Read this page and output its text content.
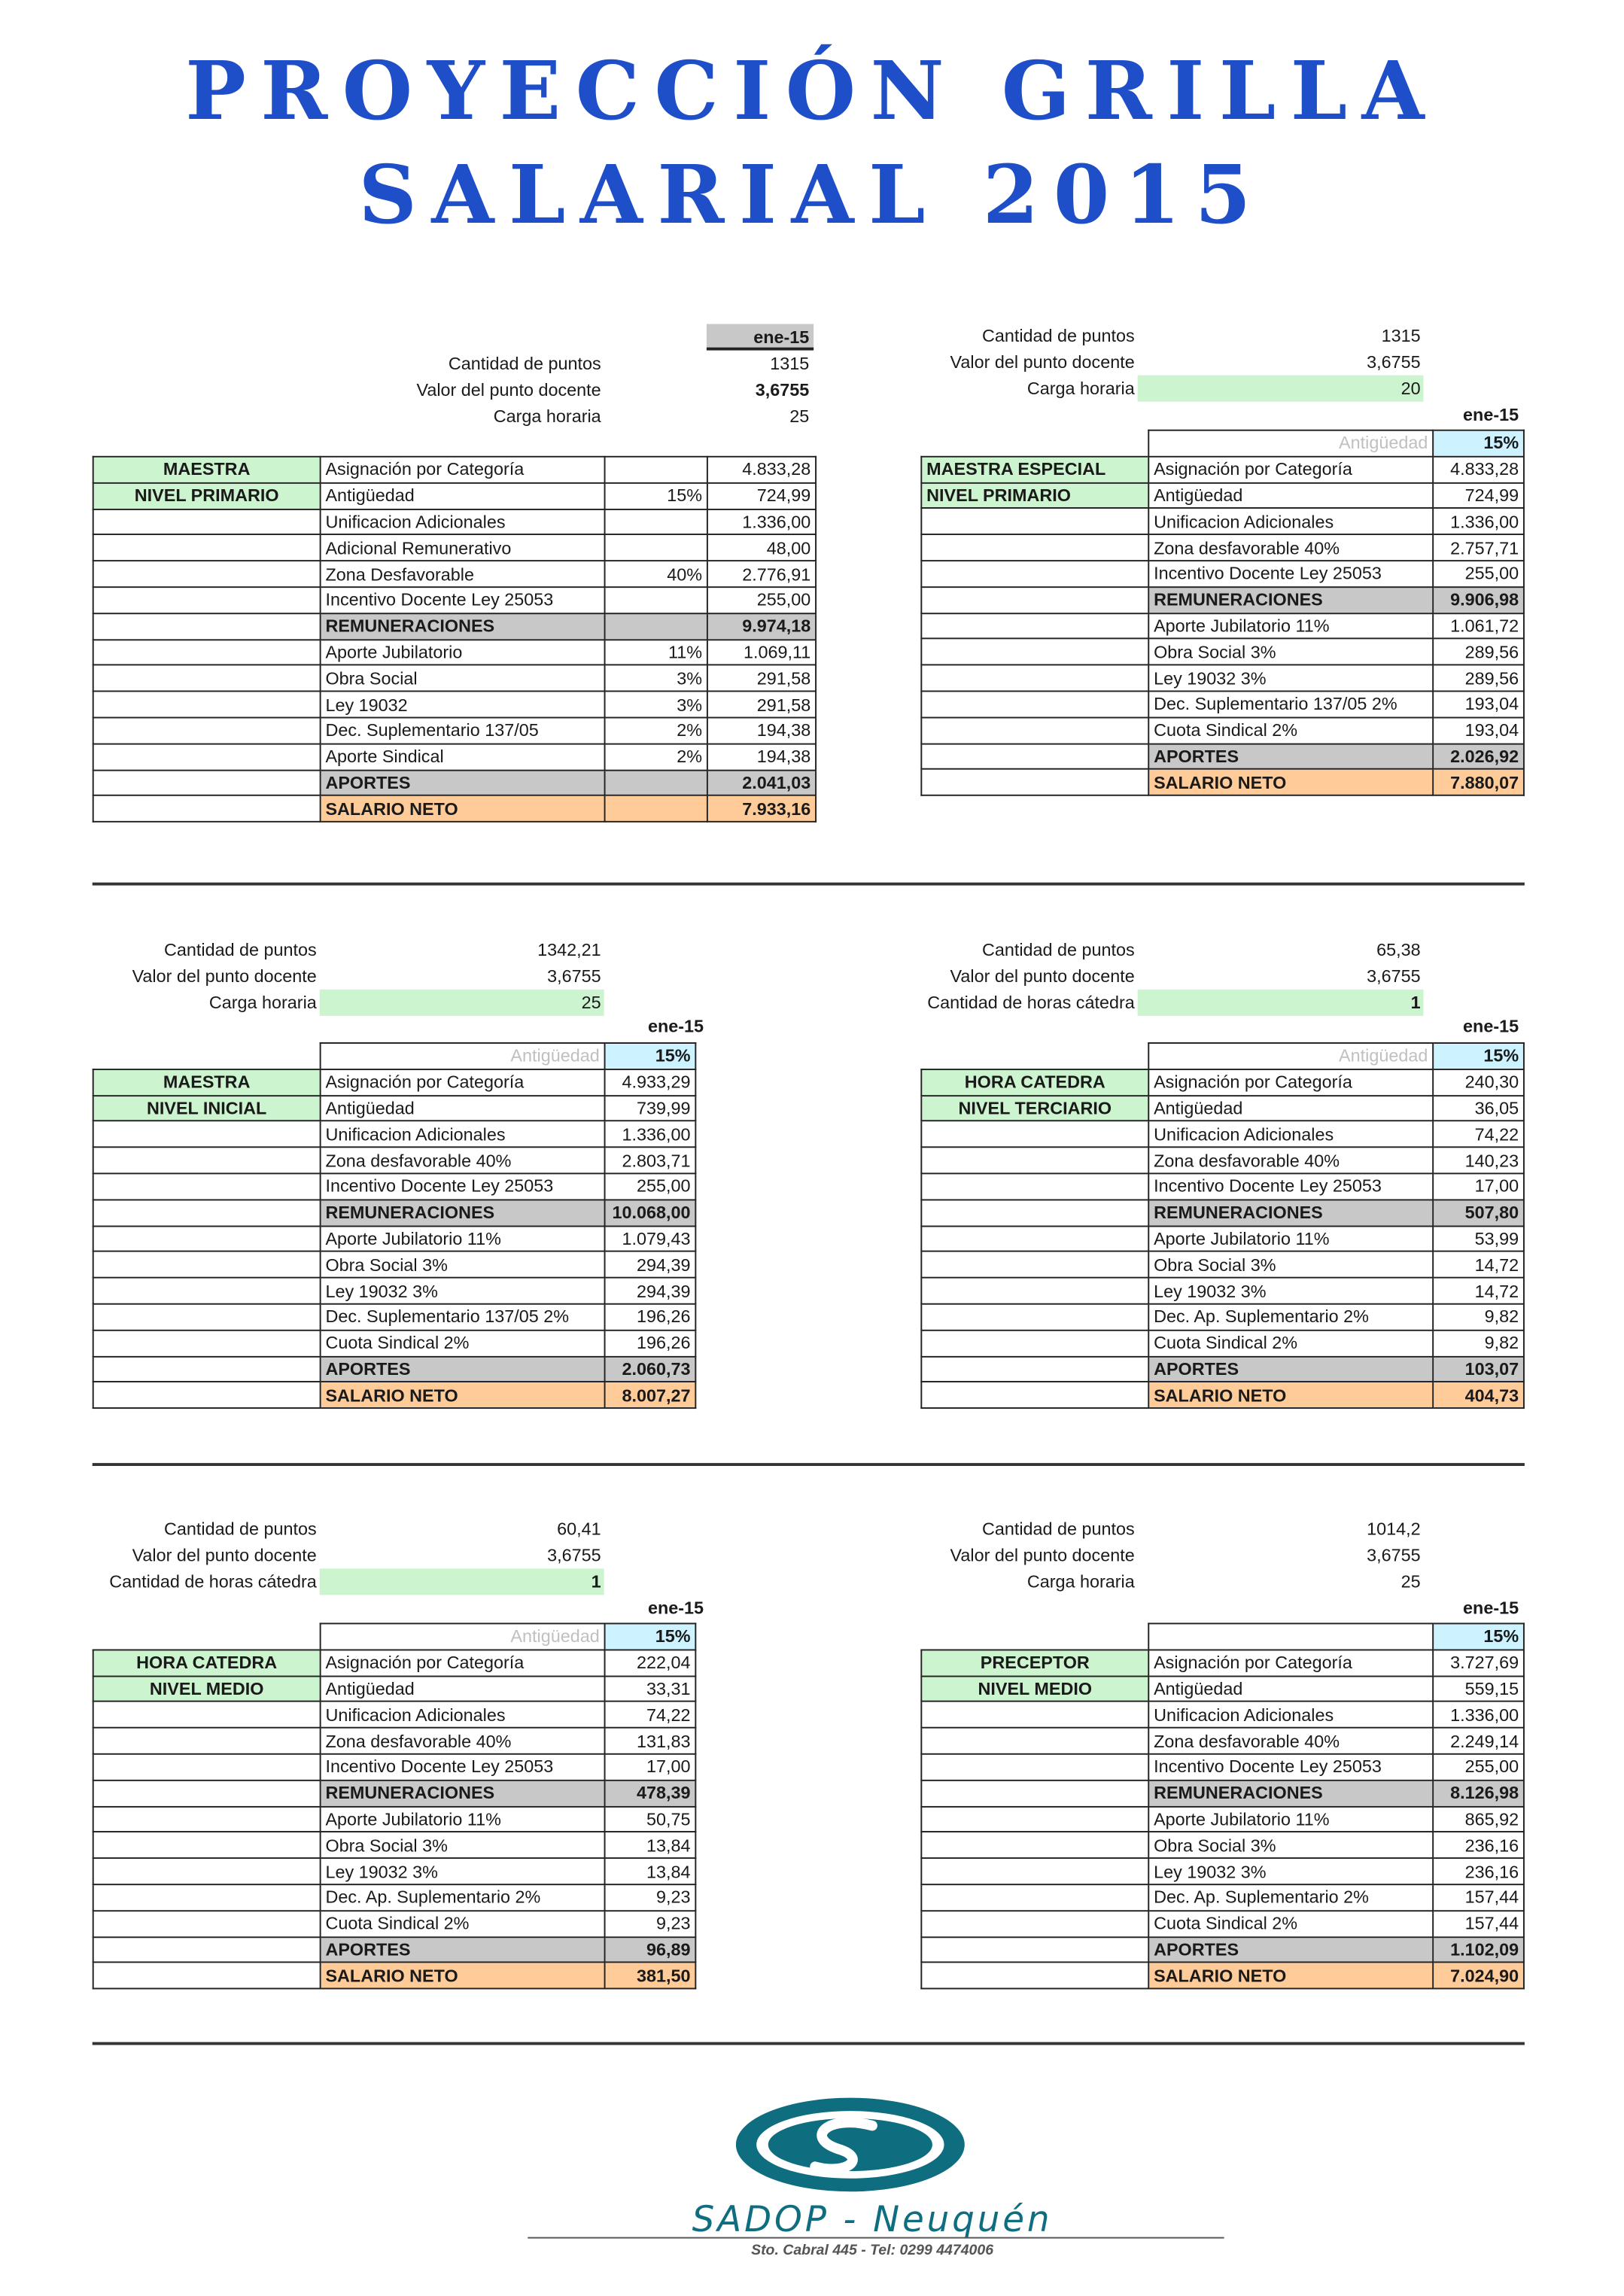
PROYECCIÓN GRILLA
SALARIAL 2015
ene-15
Cantidad de puntos	1315
Valor del punto docente	3,6755
Carga horaria	25
MAESTRA	Asignación por Categoría		4.833,28
NIVEL PRIMARIO	Antigüedad	15%	724,99
	Unificacion Adicionales		1.336,00
	Adicional Remunerativo		48,00
	Zona Desfavorable	40%	2.776,91
	Incentivo Docente Ley 25053		255,00
	REMUNERACIONES		9.974,18
	Aporte Jubilatorio	11%	1.069,11
	Obra Social	3%	291,58
	Ley 19032	3%	291,58
	Dec. Suplementario 137/05	2%	194,38
	Aporte Sindical	2%	194,38
	APORTES		2.041,03
	SALARIO NETO		7.933,16
Cantidad de puntos	1315
Valor del punto docente	3,6755
Carga horaria	20
ene-15
Cantidad de puntos	1342,21
Valor del punto docente	3,6755
Carga horaria	25
ene-15
Cantidad de puntos	65,38
Valor del punto docente	3,6755
Cantidad de horas cátedra	1
ene-15
Cantidad de puntos	60,41
Valor del punto docente	3,6755
Cantidad de horas cátedra	1
ene-15
Cantidad de puntos	1014,2
Valor del punto docente	3,6755
Carga horaria	25
ene-15
	Antigüedad	15%
MAESTRA ESPECIAL	Asignación por Categoría	4.833,28
NIVEL PRIMARIO	Antigüedad	724,99
	Unificacion Adicionales	1.336,00
	Zona desfavorable 40%	2.757,71
	Incentivo Docente Ley 25053	255,00
	REMUNERACIONES	9.906,98
	Aporte Jubilatorio 11%	1.061,72
	Obra Social 3%	289,56
	Ley 19032 3%	289,56
	Dec. Suplementario 137/05 2%	193,04
	Cuota Sindical 2%	193,04
	APORTES	2.026,92
	SALARIO NETO	7.880,07
	Antigüedad	15%
MAESTRA	Asignación por Categoría	4.933,29
NIVEL INICIAL	Antigüedad	739,99
	Unificacion Adicionales	1.336,00
	Zona desfavorable 40%	2.803,71
	Incentivo Docente Ley 25053	255,00
	REMUNERACIONES	10.068,00
	Aporte Jubilatorio 11%	1.079,43
	Obra Social 3%	294,39
	Ley 19032 3%	294,39
	Dec. Suplementario 137/05 2%	196,26
	Cuota Sindical 2%	196,26
	APORTES	2.060,73
	SALARIO NETO	8.007,27
	Antigüedad	15%
HORA CATEDRA	Asignación por Categoría	240,30
NIVEL TERCIARIO	Antigüedad	36,05
	Unificacion Adicionales	74,22
	Zona desfavorable 40%	140,23
	Incentivo Docente Ley 25053	17,00
	REMUNERACIONES	507,80
	Aporte Jubilatorio 11%	53,99
	Obra Social 3%	14,72
	Ley 19032 3%	14,72
	Dec. Ap. Suplementario 2%	9,82
	Cuota Sindical 2%	9,82
	APORTES	103,07
	SALARIO NETO	404,73
	Antigüedad	15%
HORA CATEDRA	Asignación por Categoría	222,04
NIVEL MEDIO	Antigüedad	33,31
	Unificacion Adicionales	74,22
	Zona desfavorable 40%	131,83
	Incentivo Docente Ley 25053	17,00
	REMUNERACIONES	478,39
	Aporte Jubilatorio 11%	50,75
	Obra Social 3%	13,84
	Ley 19032 3%	13,84
	Dec. Ap. Suplementario 2%	9,23
	Cuota Sindical 2%	9,23
	APORTES	96,89
	SALARIO NETO	381,50
		15%
PRECEPTOR	Asignación por Categoría	3.727,69
NIVEL MEDIO	Antigüedad	559,15
	Unificacion Adicionales	1.336,00
	Zona desfavorable 40%	2.249,14
	Incentivo Docente Ley 25053	255,00
	REMUNERACIONES	8.126,98
	Aporte Jubilatorio 11%	865,92
	Obra Social 3%	236,16
	Ley 19032 3%	236,16
	Dec. Ap. Suplementario 2%	157,44
	Cuota Sindical 2%	157,44
	APORTES	1.102,09
	SALARIO NETO	7.024,90
SADOP - Neuquén
Sto. Cabral 445 - Tel: 0299 4474006
